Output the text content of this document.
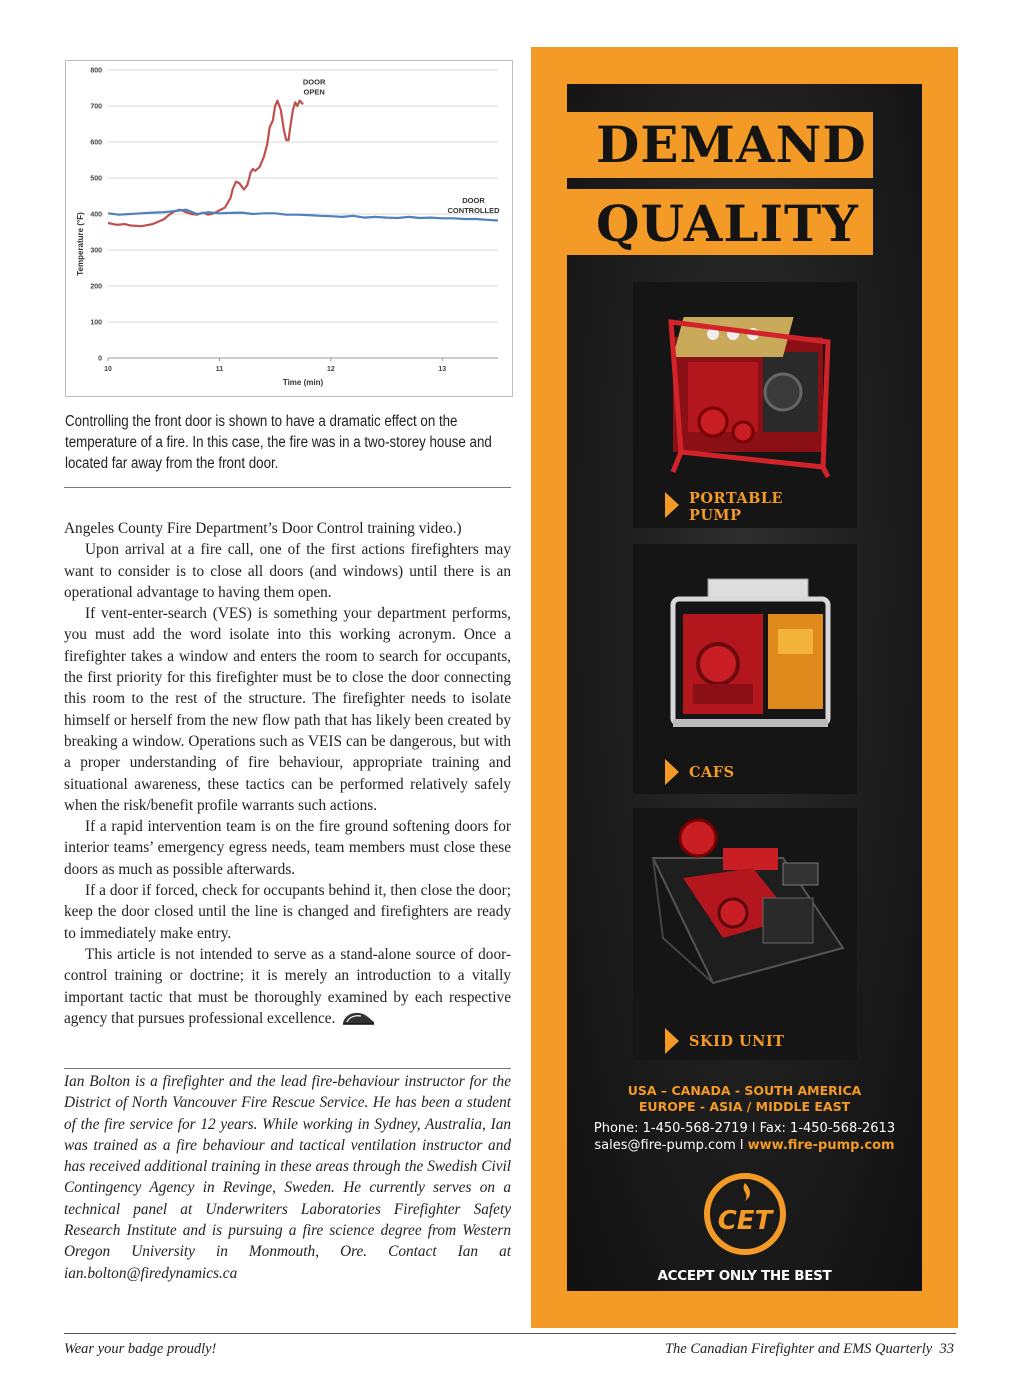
0
100
200
300
400
500
600
700
800
10	11	12	13
DOOR
OPEN
DOOR
CONTROLLED
Time (min)
Temperature (°F)
Controlling the front door is shown to have a dramatic effect on the temperature of a fire. In this case, the fire was in a two-storey house and located far away from the front door.

Angeles County Fire Department’s Door Control training video.)

Upon arrival at a fire call, one of the first actions firefighters may want to consider is to close all doors (and windows) until there is an operational advantage to having them open.

If vent-enter-search (VES) is something your department performs, you must add the word isolate into this working acronym. Once a firefighter takes a window and enters the room to search for occupants, the first priority for this firefighter must be to close the door connecting this room to the rest of the structure. The firefighter needs to isolate himself or herself from the new flow path that has likely been created by breaking a window. Operations such as VEIS can be dangerous, but with a proper understanding of fire behaviour, appropriate training and situational awareness, these tactics can be performed relatively safely when the risk/benefit profile warrants such actions.

If a rapid intervention team is on the fire ground softening doors for interior teams’ emergency egress needs, team members must close these doors as much as possible afterwards.

If a door if forced, check for occupants behind it, then close the door; keep the door closed until the line is changed and firefighters are ready to immediately make entry.

This article is not intended to serve as a stand-alone source of door-control training or doctrine; it is merely an introduction to a vitally important tactic that must be thoroughly examined by each respective agency that pursues professional excellence.

Ian Bolton is a firefighter and the lead fire-behaviour instructor for the District of North Vancouver Fire Rescue Service. He has been a student of the fire service for 12 years. While working in Sydney, Australia, Ian was trained as a fire behaviour and tactical ventilation instructor and has received additional training in these areas through the Swedish Civil Contingency Agency in Revinge, Sweden. He currently serves on a technical panel at Underwriters Laboratories Firefighter Safety Research Institute and is pursuing a fire science degree from Western Oregon University in Monmouth, Ore. Contact Ian at ian.bolton@firedynamics.ca

Wear your badge proudly!	The Canadian Firefighter and EMS Quarterly  33
DEMAND
QUALITY
PORTABLE
PUMP
CAFS
SKID UNIT
USA – CANADA - SOUTH AMERICA
EUROPE - ASIA / MIDDLE EAST
Phone: 1-450-568-2719 l Fax: 1-450-568-2613
sales@fire-pump.com l www.fire-pump.com
CET
ACCEPT ONLY THE BEST
